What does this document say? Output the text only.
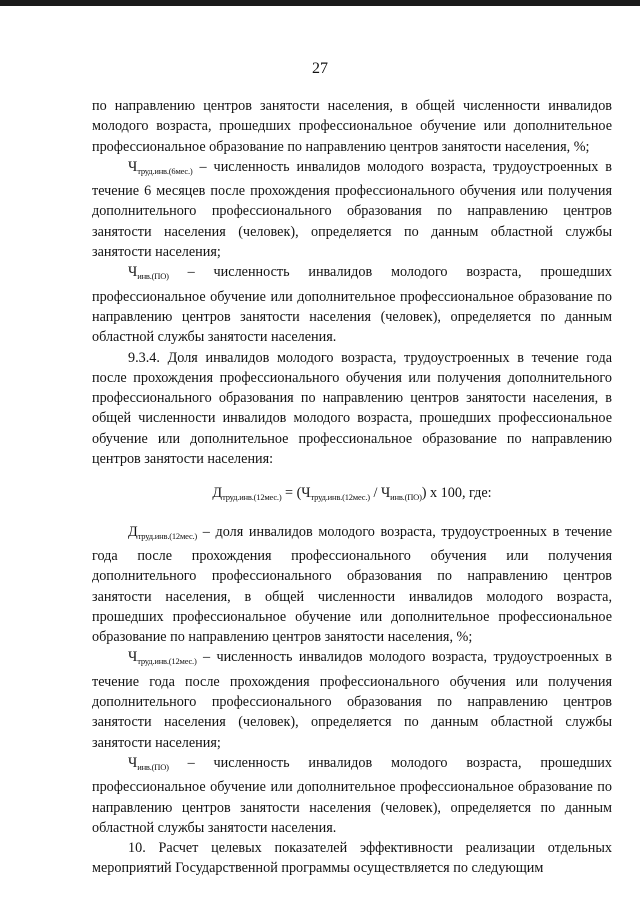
27

по направлению центров занятости населения, в общей численности инвалидов молодого возраста, прошедших профессиональное обучение или дополнительное профессиональное образование по направлению центров занятости населения, %;

$Ч_{труд.инв.(6мес.)}$ – численность инвалидов молодого возраста, трудоустроенных в течение 6 месяцев после прохождения профессионального обучения или получения дополнительного профессионального образования по направлению центров занятости населения (человек), определяется по данным областной службы занятости населения;

$Ч_{инв.(ПО)}$ – численность инвалидов молодого возраста, прошедших профессиональное обучение или дополнительное профессиональное образование по направлению центров занятости населения (человек), определяется по данным областной службы занятости населения.

9.3.4. Доля инвалидов молодого возраста, трудоустроенных в течение года после прохождения профессионального обучения или получения дополнительного профессионального образования по направлению центров занятости населения, в общей численности инвалидов молодого возраста, прошедших профессиональное обучение или дополнительное профессиональное образование по направлению центров занятости населения:

$Д_{труд.инв.(12мес.)} = (Ч_{труд.инв.(12мес.)} / Ч_{инв.(ПО)})$ х 100, где:

$Д_{труд.инв.(12мес.)}$ – доля инвалидов молодого возраста, трудоустроенных в течение года после прохождения профессионального обучения или получения дополнительного профессионального образования по направлению центров занятости населения, в общей численности инвалидов молодого возраста, прошедших профессиональное обучение или дополнительное профессиональное образование по направлению центров занятости населения, %;

$Ч_{труд.инв.(12мес.)}$ – численность инвалидов молодого возраста, трудоустроенных в течение года после прохождения профессионального обучения или получения дополнительного профессионального образования по направлению центров занятости населения (человек), определяется по данным областной службы занятости населения;

$Ч_{инв.(ПО)}$ – численность инвалидов молодого возраста, прошедших профессиональное обучение или дополнительное профессиональное образование по направлению центров занятости населения (человек), определяется по данным областной службы занятости населения.

10. Расчет целевых показателей эффективности реализации отдельных мероприятий Государственной программы осуществляется по следующим
